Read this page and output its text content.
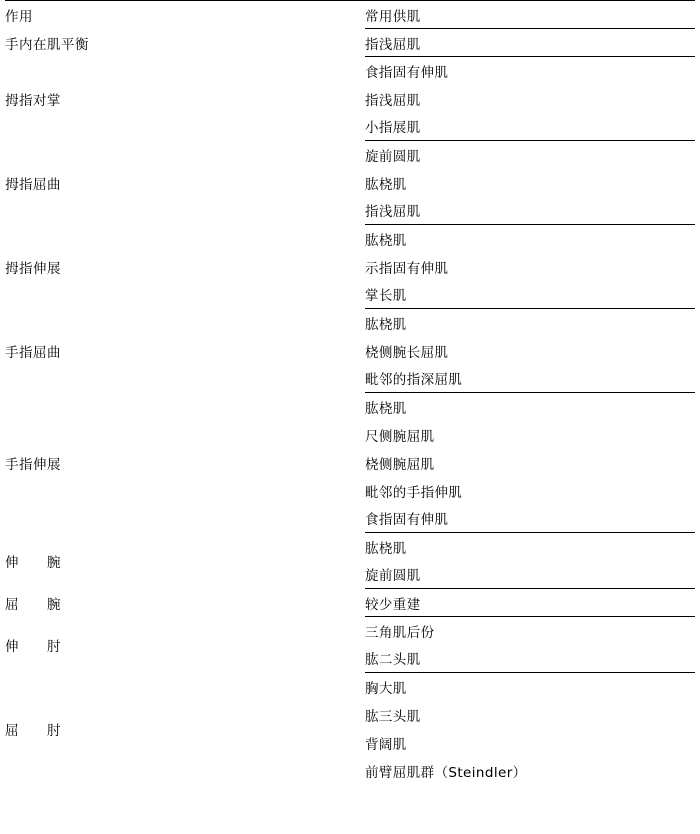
作用	常用供肌
手内在肌平衡	指浅屈肌
拇指对掌	食指固有伸肌
	指浅屈肌
	小指展肌
拇指屈曲	旋前圆肌
	肱桡肌
	指浅屈肌
拇指伸展	肱桡肌
	示指固有伸肌
	掌长肌
手指屈曲	肱桡肌
	桡侧腕长屈肌
	毗邻的指深屈肌
手指伸展	肱桡肌
	尺侧腕屈肌
	桡侧腕屈肌
	毗邻的手指伸肌
	食指固有伸肌
伸　　腕	肱桡肌
	旋前圆肌
屈　　腕	较少重建
伸　　肘	三角肌后份
	肱二头肌
屈　　肘	胸大肌
	肱三头肌
	背阔肌
	前臂屈肌群（Steindler）
